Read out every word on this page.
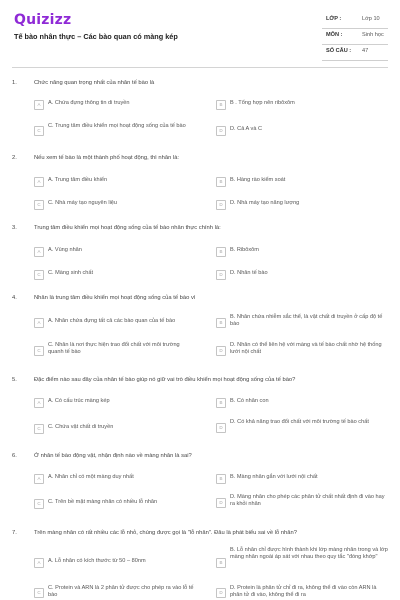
Quizizz
Tế bào nhân thực – Các bào quan có màng kép
LỚP :	Lớp 10
MÔN :	Sinh học
SỐ CÂU : 47
1.	Chức năng quan trọng nhất của nhân tế bào là
A	A. Chứa đựng thông tin di truyền	B	B . Tổng hợp nên ribôxôm
C
C. Trung tâm điều khiển mọi hoạt động sống của tế bào
D	D. Cả A và C
2.	Nếu xem tế bào là một thành phố hoạt động, thì nhân là:
A	A. Trung tâm điều khiển	B	B. Hàng rào kiểm soát
C	C. Nhà máy tạo nguyên liệu	D	D. Nhà máy tạo năng lượng
3.	Trung tâm điều khiển mọi hoạt động sống của tế bào nhân thực chính là:
A	A. Vùng nhân	B	B. Ribôxôm
C	C. Màng sinh chất	D	D. Nhân tế bào
4.	Nhân là trung tâm điều khiển mọi hoạt động sống của tế bào vì
A	A. Nhân chứa đựng tất cả các bào quan của tế bào	B
B. Nhân chứa nhiễm sắc thể, là vật chất di truyền ở cấp độ tế bào
C
C. Nhân là nơi thực hiện trao đổi chất với môi trường quanh tế bào	D
D. Nhân có thể liên hệ với màng và tế bào chất nhờ hệ thống lưới nội chất
5.	Đặc điểm nào sau đây của nhân tế bào giúp nó giữ vai trò điều khiển mọi hoạt động sống của tế bào?
A	A. Có cấu trúc màng kép	B	B. Có nhân con
C	C. Chứa vật chất di truyền	D
D. Có khả năng trao đổi chất với môi trường tế bào chất
6.	Ở nhân tế bào động vật, nhận định nào về màng nhân là sai?
A	A. Nhân chỉ có một màng duy nhất	B	B. Màng nhân gắn với lưới nội chất
C	C. Trên bề mặt màng nhân có nhiều lỗ nhân	D
D. Màng nhân cho phép các phân tử chất nhất định đi vào hay ra khỏi nhân
7.	Trên màng nhân có rất nhiều các lỗ nhỏ, chúng được gọi là "lỗ nhân". Đâu là phát biểu sai về lỗ nhân?
A	A. Lỗ nhân có kích thước từ 50 – 80nm	B
B. Lỗ nhân chỉ được hình thành khi lớp màng nhân trong và lớp màng nhân ngoài áp sát với nhau theo quy tắc "đóng khớp"
C
C. Protein và ARN là 2 phân tử được cho phép ra vào lỗ tế bào	D
D. Protein là phân tử chỉ đi ra, không thể đi vào còn ARN là phân tử đi vào, không thể đi ra
